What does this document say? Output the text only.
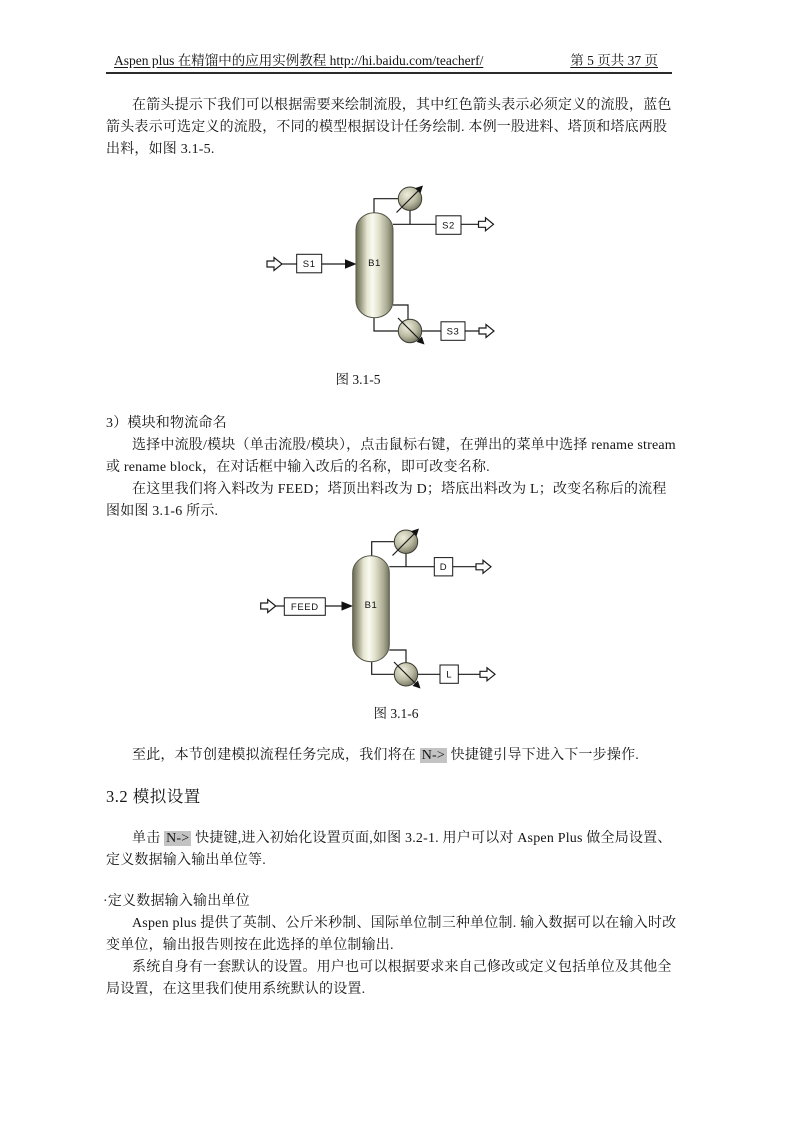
Aspen plus 在精馏中的应用实例教程 http://hi.baidu.com/teacherf/	第 5 页共 37 页
在箭头提示下我们可以根据需要来绘制流股，其中红色箭头表示必须定义的流股，蓝色
箭头表示可选定义的流股，不同的模型根据设计任务绘制. 本例一股进料、塔顶和塔底两股
出料，如图 3.1-5.
B1
S1
S2
S3
图 3.1-5
3）模块和物流命名
选择中流股/模块（单击流股/模块），点击鼠标右键，在弹出的菜单中选择 rename stream
或 rename block，在对话框中输入改后的名称，即可改变名称.
在这里我们将入料改为 FEED；塔顶出料改为 D；塔底出料改为 L；改变名称后的流程
图如图 3.1-6 所示.
B1
FEED
D
L
图 3.1-6
至此，本节创建模拟流程任务完成，我们将在 N-> 快捷键引导下进入下一步操作.
3.2 模拟设置
单击 N-> 快捷键,进入初始化设置页面,如图 3.2-1. 用户可以对 Aspen Plus 做全局设置、
定义数据输入输出单位等.
·定义数据输入输出单位
Aspen plus 提供了英制、公斤米秒制、国际单位制三种单位制. 输入数据可以在输入时改
变单位，输出报告则按在此选择的单位制输出.
系统自身有一套默认的设置。用户也可以根据要求来自己修改或定义包括单位及其他全
局设置，在这里我们使用系统默认的设置.
